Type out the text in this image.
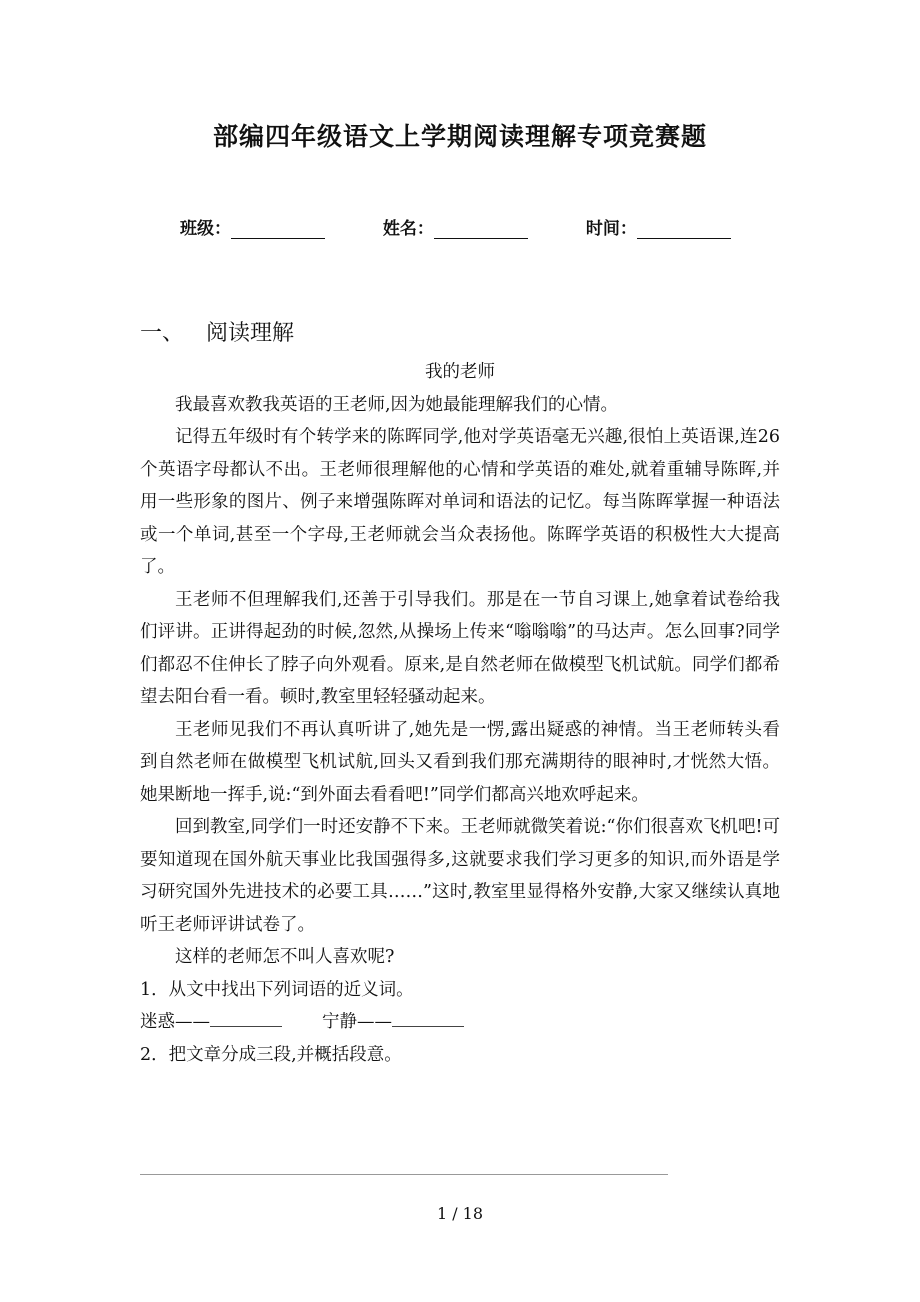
部编四年级语文上学期阅读理解专项竞赛题
班级：	姓名：	时间：
一、 阅读理解

我的老师

我最喜欢教我英语的王老师,因为她最能理解我们的心情。

记得五年级时有个转学来的陈晖同学,他对学英语毫无兴趣,很怕上英语课,连26个英语字母都认不出。王老师很理解他的心情和学英语的难处,就着重辅导陈晖,并用一些形象的图片、例子来增强陈晖对单词和语法的记忆。每当陈晖掌握一种语法或一个单词,甚至一个字母,王老师就会当众表扬他。陈晖学英语的积极性大大提高了。

王老师不但理解我们,还善于引导我们。那是在一节自习课上,她拿着试卷给我们评讲。正讲得起劲的时候,忽然,从操场上传来“嗡嗡嗡”的马达声。怎么回事?同学们都忍不住伸长了脖子向外观看。原来,是自然老师在做模型飞机试航。同学们都希望去阳台看一看。顿时,教室里轻轻骚动起来。

王老师见我们不再认真听讲了,她先是一愣,露出疑惑的神情。当王老师转头看到自然老师在做模型飞机试航,回头又看到我们那充满期待的眼神时,才恍然大悟。她果断地一挥手,说:“到外面去看看吧!”同学们都高兴地欢呼起来。

回到教室,同学们一时还安静不下来。王老师就微笑着说:“你们很喜欢飞机吧!可要知道现在国外航天事业比我国强得多,这就要求我们学习更多的知识,而外语是学习研究国外先进技术的必要工具……”这时,教室里显得格外安静,大家又继续认真地听王老师评讲试卷了。

这样的老师怎不叫人喜欢呢?

1．从文中找出下列词语的近义词。

迷惑——	宁静——

2．把文章分成三段,并概括段意。

1 / 18
